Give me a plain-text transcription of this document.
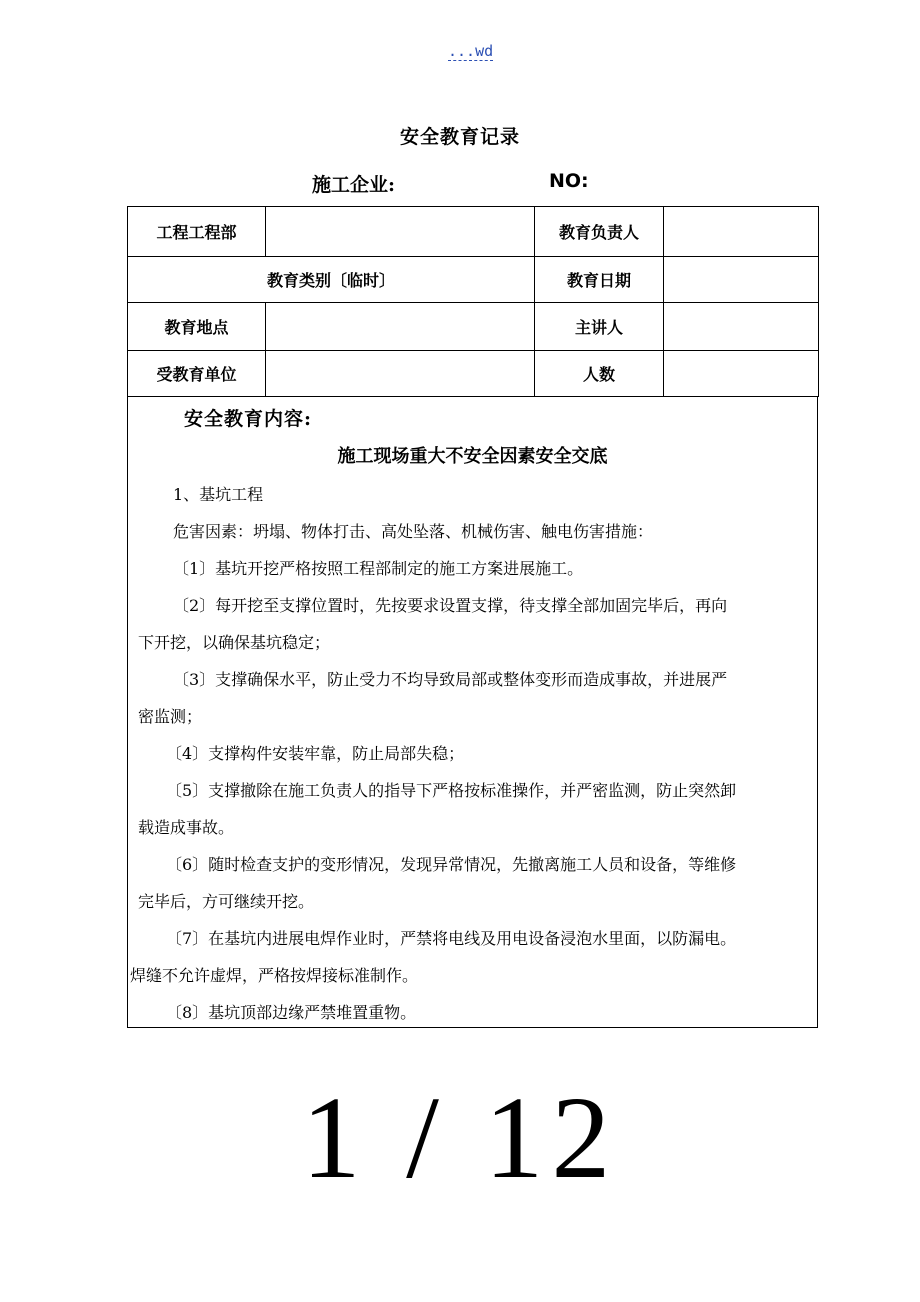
...wd
安全教育记录
施工企业:	NO:
工程工程部		教育负责人	
教育类别〔临时〕		教育日期	
教育地点		主讲人	
受教育单位		人数	
安全教育内容:
施工现场重大不安全因素安全交底
1、基坑工程
危害因素：坍塌、物体打击、高处坠落、机械伤害、触电伤害措施：
〔1〕基坑开挖严格按照工程部制定的施工方案进展施工。
〔2〕每开挖至支撑位置时，先按要求设置支撑，待支撑全部加固完毕后，再向
下开挖，以确保基坑稳定；
〔3〕支撑确保水平，防止受力不均导致局部或整体变形而造成事故，并进展严
密监测；
〔4〕支撑构件安装牢靠，防止局部失稳；
〔5〕支撑撤除在施工负责人的指导下严格按标准操作，并严密监测，防止突然卸
载造成事故。
〔6〕随时检查支护的变形情况，发现异常情况，先撤离施工人员和设备，等维修
完毕后，方可继续开挖。
〔7〕在基坑内进展电焊作业时，严禁将电线及用电设备浸泡水里面，以防漏电。
焊缝不允许虚焊，严格按焊接标准制作。
〔8〕基坑顶部边缘严禁堆置重物。
1 / 12
